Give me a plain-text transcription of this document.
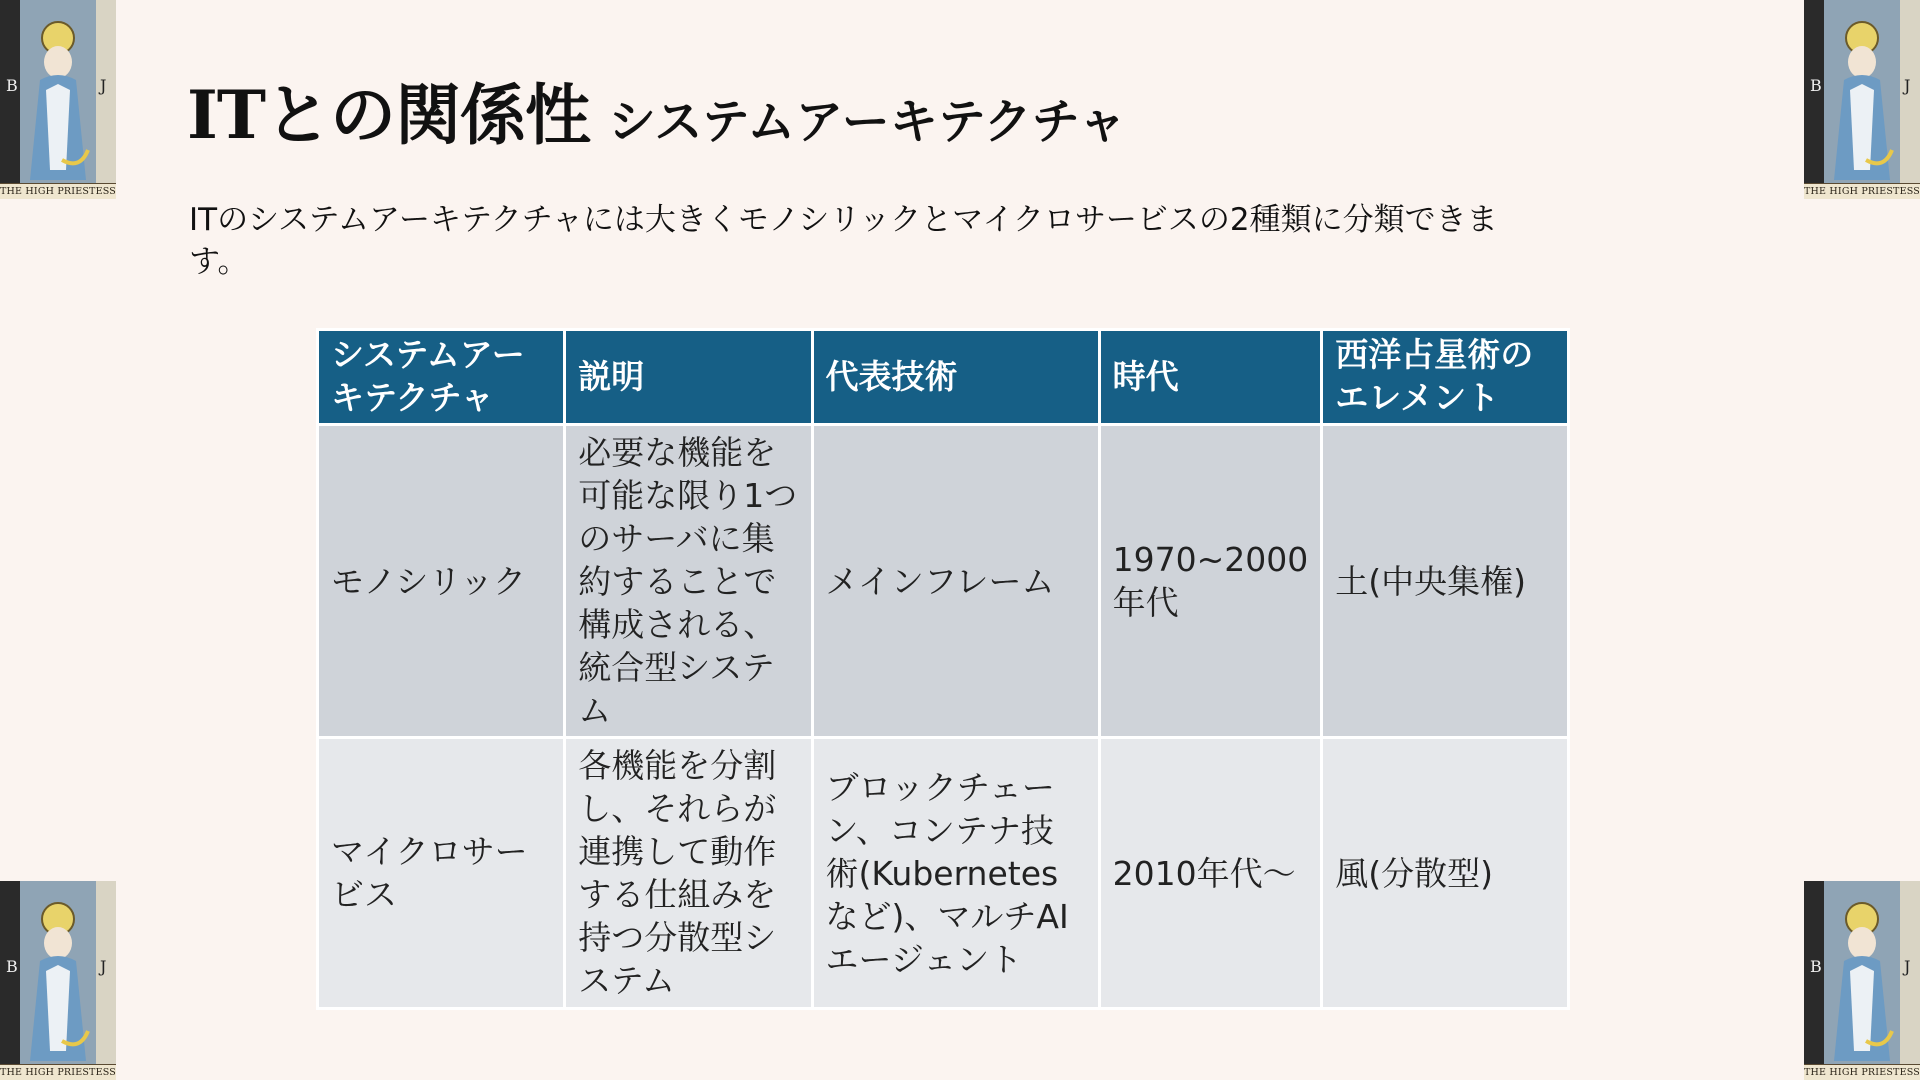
B	J
THE HIGH PRIESTESS
B	J
THE HIGH PRIESTESS
B	J
THE HIGH PRIESTESS
B	J
THE HIGH PRIESTESS
ITとの関係性 システムアーキテクチャ

ITのシステムアーキテクチャには大きくモノシリックとマイクロサービスの2種類に分類できます。

システムアーキテクチャ	説明	代表技術	時代	西洋占星術のエレメント
モノシリック	必要な機能を可能な限り1つのサーバに集約することで構成される、統合型システム	メインフレーム	1970~2000年代	土(中央集権)
マイクロサービス	各機能を分割し、それらが連携して動作する仕組みを持つ分散型システム	ブロックチェーン、コンテナ技術(Kubernetesなど)、マルチAIエージェント	2010年代〜	風(分散型)
